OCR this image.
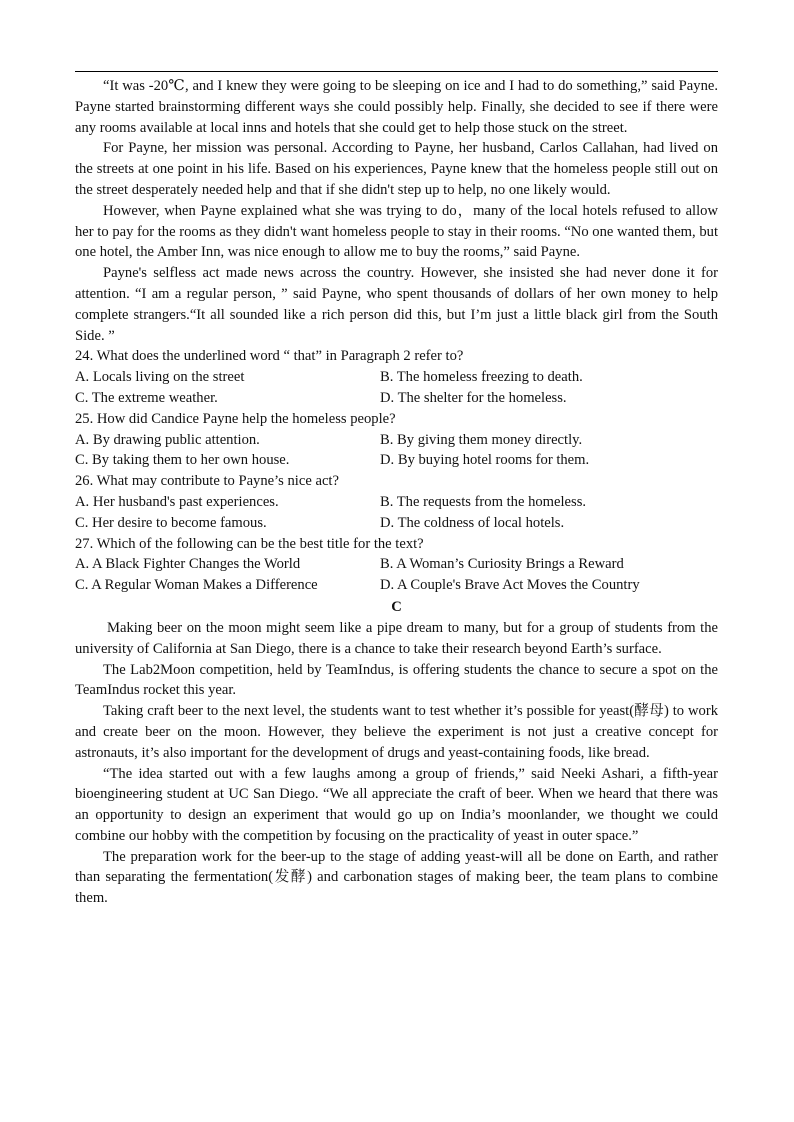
“It was -20℃, and I knew they were going to be sleeping on ice and I had to do something,” said Payne. Payne started brainstorming different ways she could possibly help. Finally, she decided to see if there were any rooms available at local inns and hotels that she could get to help those stuck on the street.

For Payne, her mission was personal. According to Payne, her husband, Carlos Callahan, had lived on the streets at one point in his life. Based on his experiences, Payne knew that the homeless people still out on the street desperately needed help and that if she didn't step up to help, no one likely would.

However, when Payne explained what she was trying to do，many of the local hotels refused to allow her to pay for the rooms as they didn't want homeless people to stay in their rooms. “No one wanted them, but one hotel, the Amber Inn, was nice enough to allow me to buy the rooms,” said Payne.

Payne's selfless act made news across the country. However, she insisted she had never done it for attention. “I am a regular person, ” said Payne, who spent thousands of dollars of her own money to help complete strangers.“It all sounded like a rich person did this, but I’m just a little black girl from the South Side. ”

24. What does the underlined word “ that” in Paragraph 2 refer to?

A. Locals living on the street	B. The homeless freezing to death.
C. The extreme weather.	D. The shelter for the homeless.

25. How did Candice Payne help the homeless people?

A. By drawing public attention.	B. By giving them money directly.
C. By taking them to her own house.	D. By buying hotel rooms for them.

26. What may contribute to Payne’s nice act?

A. Her husband's past experiences.	B. The requests from the homeless.
C. Her desire to become famous.	D. The coldness of local hotels.

27. Which of the following can be the best title for the text?

A. A Black Fighter Changes the World	B. A Woman’s Curiosity Brings a Reward
C. A Regular Woman Makes a Difference	D. A Couple's Brave Act Moves the Country

C

Making beer on the moon might seem like a pipe dream to many, but for a group of students from the university of California at San Diego, there is a chance to take their research beyond Earth’s surface.

The Lab2Moon competition, held by TeamIndus, is offering students the chance to secure a spot on the TeamIndus rocket this year.

Taking craft beer to the next level, the students want to test whether it’s possible for yeast(酵母) to work and create beer on the moon. However, they believe the experiment is not just a creative concept for astronauts, it’s also important for the development of drugs and yeast-containing foods, like bread.

“The idea started out with a few laughs among a group of friends,” said Neeki Ashari, a fifth-year bioengineering student at UC San Diego. “We all appreciate the craft of beer. When we heard that there was an opportunity to design an experiment that would go up on India’s moonlander, we thought we could combine our hobby with the competition by focusing on the practicality of yeast in outer space.”

The preparation work for the beer-up to the stage of adding yeast-will all be done on Earth, and rather than separating the fermentation(发酵) and carbonation stages of making beer, the team plans to combine them.
